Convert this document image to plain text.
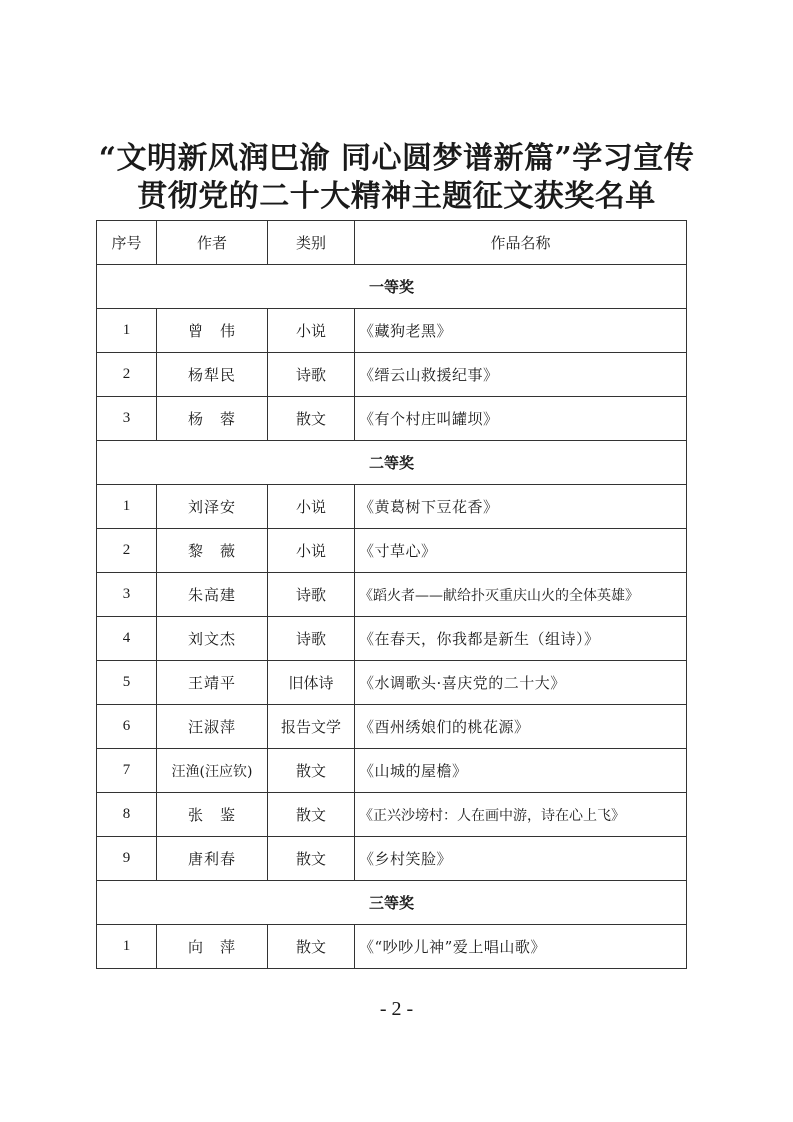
“文明新风润巴渝 同心圆梦谱新篇”学习宣传
贯彻党的二十大精神主题征文获奖名单
序号	作者	类别	作品名称
一等奖			
1	曾　伟	小说	《藏狗老黑》
2	杨犁民	诗歌	《缙云山救援纪事》
3	杨　蓉	散文	《有个村庄叫罐坝》
二等奖			
1	刘泽安	小说	《黄葛树下豆花香》
2	黎　薇	小说	《寸草心》
3	朱高建	诗歌	《蹈火者——献给扑灭重庆山火的全体英雄》
4	刘文杰	诗歌	《在春天，你我都是新生（组诗）》
5	王靖平	旧体诗	《水调歌头·喜庆党的二十大》
6	汪淑萍	报告文学	《酉州绣娘们的桃花源》
7	汪渔(汪应钦)	散文	《山城的屋檐》
8	张　鉴	散文	《正兴沙塝村：人在画中游，诗在心上飞》
9	唐利春	散文	《乡村笑脸》
三等奖			
1	向　萍	散文	《“吵吵儿神”爱上唱山歌》
- 2 -
